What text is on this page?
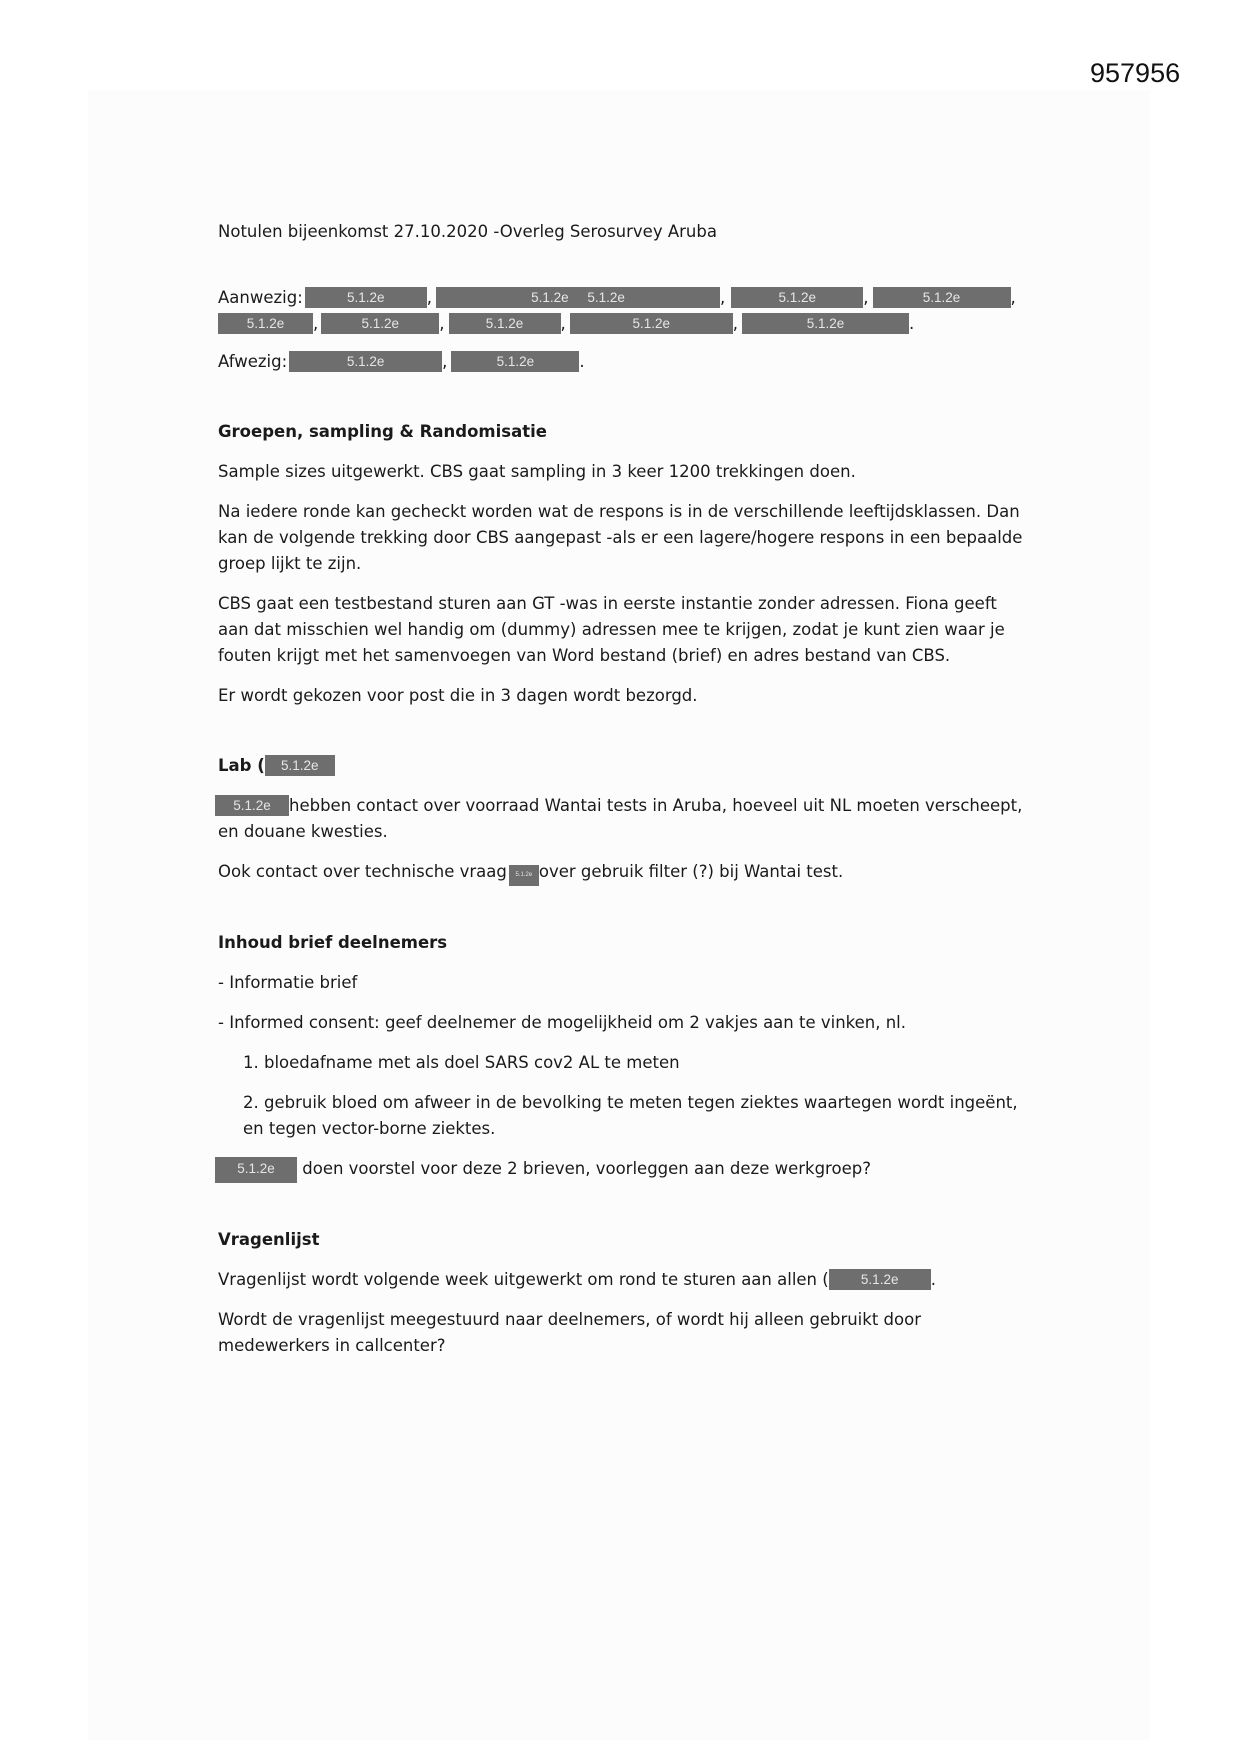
957956

Notulen bijeenkomst 27.10.2020 -Overleg Serosurvey Aruba

Aanwezig:	5.1.2e	,	5.1.2e 5.1.2e	,	5.1.2e	,	5.1.2e	,
5.1.2e ,	5.1.2e ,	5.1.2e ,	5.1.2e	,	5.1.2e	.
Afwezig:	5.1.2e	,	5.1.2e	.
Groepen, sampling & Randomisatie

Sample sizes uitgewerkt. CBS gaat sampling in 3 keer 1200 trekkingen doen.

Na iedere ronde kan gecheckt worden wat de respons is in de verschillende leeftijdsklassen. Dan kan de volgende trekking door CBS aangepast -als er een lagere/hogere respons in een bepaalde groep lijkt te zijn.

CBS gaat een testbestand sturen aan GT -was in eerste instantie zonder adressen. Fiona geeft aan dat misschien wel handig om (dummy) adressen mee te krijgen, zodat je kunt zien waar je fouten krijgt met het samenvoegen van Word bestand (brief) en adres bestand van CBS.

Er wordt gekozen voor post die in 3 dagen wordt bezorgd.

Lab ( 5.1.2e

5.1.2e hebben contact over voorraad Wantai tests in Aruba, hoeveel uit NL moeten verscheept, en douane kwesties.

Ook contact over technische vraag 5.1.2e over gebruik filter (?) bij Wantai test.

Inhoud brief deelnemers

- Informatie brief

- Informed consent: geef deelnemer de mogelijkheid om 2 vakjes aan te vinken, nl.

1. bloedafname met als doel SARS cov2 AL te meten

2. gebruik bloed om afweer in de bevolking te meten tegen ziektes waartegen wordt ingeënt, en tegen vector-borne ziektes.

5.1.2e doen voorstel voor deze 2 brieven, voorleggen aan deze werkgroep?

Vragenlijst

Vragenlijst wordt volgende week uitgewerkt om rond te sturen aan allen ( 5.1.2e .

Wordt de vragenlijst meegestuurd naar deelnemers, of wordt hij alleen gebruikt door medewerkers in callcenter?
